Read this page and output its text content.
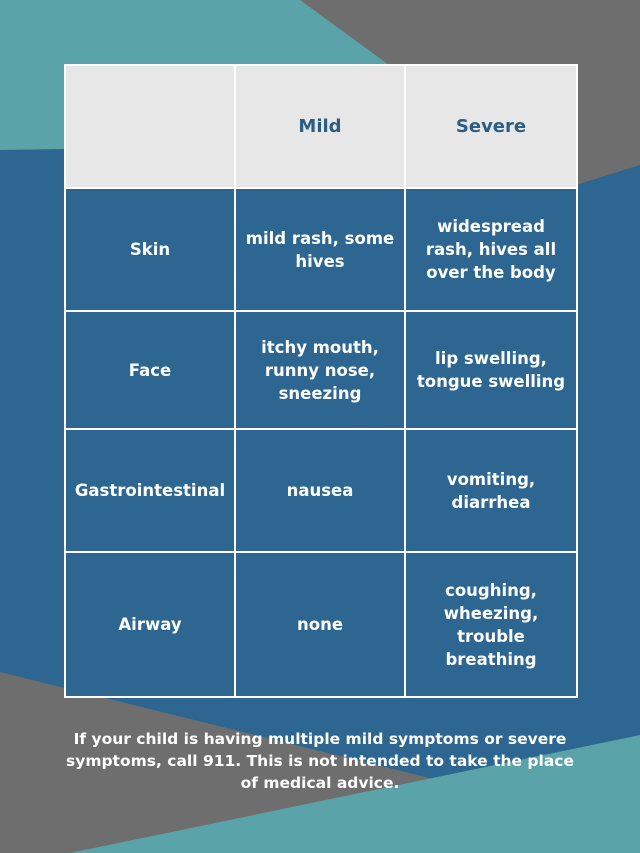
	Mild	Severe
Skin	mild rash, some hives	widespread rash, hives all over the body
Face	itchy mouth, runny nose, sneezing	lip swelling, tongue swelling
Gastrointestinal	nausea	vomiting, diarrhea
Airway	none	coughing, wheezing, trouble breathing

If your child is having multiple mild symptoms or severe symptoms, call 911. This is not intended to take the place of medical advice.
